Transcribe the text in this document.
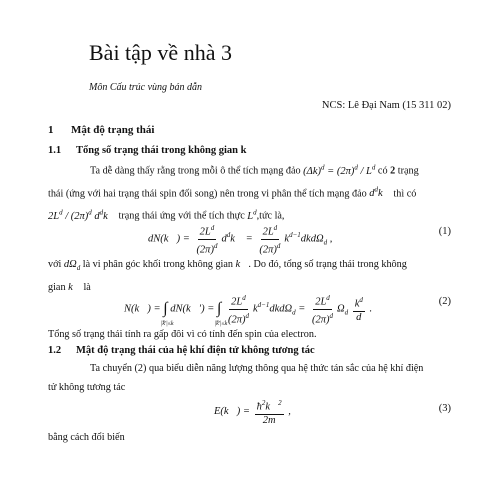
Bài tập về nhà 3
Môn Cấu trúc vùng bán dẫn
NCS: Lê Đại Nam (15 311 02)
1 Mật độ trạng thái
1.1 Tổng số trạng thái trong không gian k
Ta dễ dàng thấy rằng trong mỗi ô thể tích mạng đảo $(\Delta k)^d = (2\pi)^d / L^d$ có 2 trạng
thái (ứng với hai trạng thái spin đối song) nên trong vi phân thể tích mạng đảo $d^dk$ thì có
$2L^d / (2\pi)^d$ $d^dk$ trạng thái ứng với thể tích thực $L^d,tức$ là,
dN(k⃗) = $\frac{2L^d}{(2\pi)^d}$ $d^dk⃗ = \frac{2L^d}{(2\pi)^d} k^{d-1}dkd\Omega_d$ ,
(1)
với $d\Omega_d$ là vi phân góc khối trong không gian k. Do đó, tổng số trạng thái trong không
gian k là
N(k⃗) = ∫
|k⃗′|≤k
dN(k⃗′) = ∫
|k⃗′|≤k

$\frac{2L^d}{(2\pi)^d} k^{d-1}dkd\Omega_d = \frac{2L^d}{(2\pi)^d} \Omega_d \frac{k^d}{d}$ .
(2)
Tổng số trạng thái tính ra gấp đôi vì có tính đến spin của electron.
1.2 Mật độ trạng thái của hệ khí điện tử không tương tác
Ta chuyển (2) qua biểu diễn năng lượng thông qua hệ thức tán sắc của hệ khí điện
tử không tương tác
E(k⃗) = $\frac{ħ^2k^2}{2m}$ ,	(3)
bằng cách đổi biến
